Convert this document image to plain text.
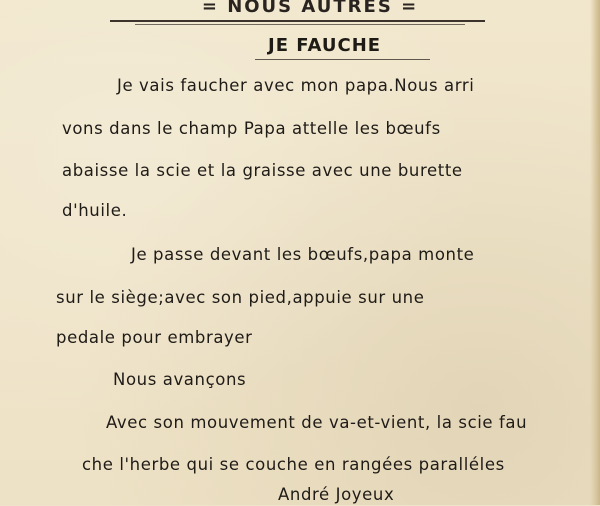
= NOUS AUTRES =
JE FAUCHE
Je vais faucher avec mon papa.Nous arri
vons dans le champ Papa attelle les bœufs
abaisse la scie et la graisse avec une burette
d'huile.
Je passe devant les bœufs,papa monte
sur le siège;avec son pied,appuie sur une
pedale pour embrayer
Nous avançons
Avec son mouvement de va-et-vient, la scie fau
che l'herbe qui se couche en rangées paralléles
André Joyeux
